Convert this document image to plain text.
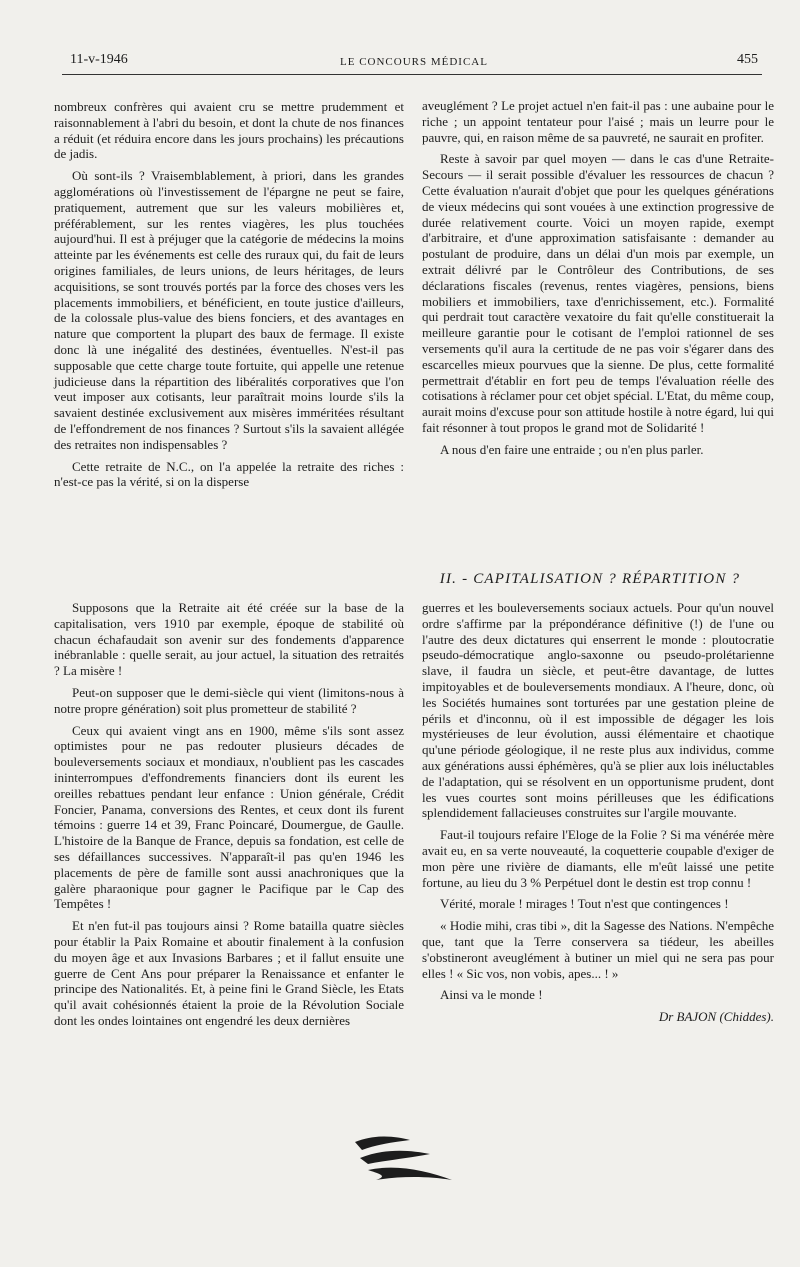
11-v-1946	LE CONCOURS MÉDICAL	455

nombreux confrères qui avaient cru se mettre prudemment et raisonnablement à l'abri du besoin, et dont la chute de nos finances a réduit (et réduira encore dans les jours prochains) les précautions de jadis.

Où sont-ils ? Vraisemblablement, à priori, dans les grandes agglomérations où l'investissement de l'épargne ne peut se faire, pratiquement, autrement que sur les valeurs mobilières et, préférablement, sur les rentes viagères, les plus touchées aujourd'hui. Il est à préjuger que la catégorie de médecins la moins atteinte par les événements est celle des ruraux qui, du fait de leurs origines familiales, de leurs unions, de leurs héritages, de leurs acquisitions, se sont trouvés portés par la force des choses vers les placements immobiliers, et bénéficient, en toute justice d'ailleurs, de la colossale plus-value des biens fonciers, et des avantages en nature que comportent la plupart des baux de fermage. Il existe donc là une inégalité des destinées, éventuelles. N'est-il pas supposable que cette charge toute fortuite, qui appelle une retenue judicieuse dans la répartition des libéralités corporatives que l'on veut imposer aux cotisants, leur paraîtrait moins lourde s'ils la savaient destinée exclusivement aux misères imméritées résultant de l'effondrement de nos finances ? Surtout s'ils la savaient allégée des retraites non indispensables ?

Cette retraite de N.C., on l'a appelée la retraite des riches : n'est-ce pas la vérité, si on la disperse

aveuglément ? Le projet actuel n'en fait-il pas : une aubaine pour le riche ; un appoint tentateur pour l'aisé ; mais un leurre pour le pauvre, qui, en raison même de sa pauvreté, ne saurait en profiter.

Reste à savoir par quel moyen — dans le cas d'une Retraite-Secours — il serait possible d'évaluer les ressources de chacun ? Cette évaluation n'aurait d'objet que pour les quelques générations de vieux médecins qui sont vouées à une extinction progressive de durée relativement courte. Voici un moyen rapide, exempt d'arbitraire, et d'une approximation satisfaisante : demander au postulant de produire, dans un délai d'un mois par exemple, un extrait délivré par le Contrôleur des Contributions, de ses déclarations fiscales (revenus, rentes viagères, pensions, biens mobiliers et immobiliers, taxe d'enrichissement, etc.). Formalité qui perdrait tout caractère vexatoire du fait qu'elle constituerait la meilleure garantie pour le cotisant de l'emploi rationnel de ses versements qu'il aura la certitude de ne pas voir s'égarer dans des escarcelles mieux pourvues que la sienne. De plus, cette formalité permettrait d'établir en fort peu de temps l'évaluation réelle des cotisations à réclamer pour cet objet spécial. L'Etat, du même coup, aurait moins d'excuse pour son attitude hostile à notre égard, lui qui fait résonner à tout propos le grand mot de Solidarité !

A nous d'en faire une entraide ; ou n'en plus parler.

II. - CAPITALISATION ? RÉPARTITION ?

Supposons que la Retraite ait été créée sur la base de la capitalisation, vers 1910 par exemple, époque de stabilité où chacun échafaudait son avenir sur des fondements d'apparence inébranlable : quelle serait, au jour actuel, la situation des retraités ? La misère !

Peut-on supposer que le demi-siècle qui vient (limitons-nous à notre propre génération) soit plus prometteur de stabilité ?

Ceux qui avaient vingt ans en 1900, même s'ils sont assez optimistes pour ne pas redouter plusieurs décades de bouleversements sociaux et mondiaux, n'oublient pas les cascades ininterrompues d'effondrements financiers dont ils eurent les oreilles rebattues pendant leur enfance : Union générale, Crédit Foncier, Panama, conversions des Rentes, et ceux dont ils furent témoins : guerre 14 et 39, Franc Poincaré, Doumergue, de Gaulle. L'histoire de la Banque de France, depuis sa fondation, est celle de ses défaillances successives. N'apparaît-il pas qu'en 1946 les placements de père de famille sont aussi anachroniques que la galère pharaonique pour gagner le Pacifique par le Cap des Tempêtes !

Et n'en fut-il pas toujours ainsi ? Rome batailla quatre siècles pour établir la Paix Romaine et aboutir finalement à la confusion du moyen âge et aux Invasions Barbares ; et il fallut ensuite une guerre de Cent Ans pour préparer la Renaissance et enfanter le principe des Nationalités. Et, à peine fini le Grand Siècle, les Etats qu'il avait cohésionnés étaient la proie de la Révolution Sociale dont les ondes lointaines ont engendré les deux dernières

guerres et les bouleversements sociaux actuels. Pour qu'un nouvel ordre s'affirme par la prépondérance définitive (!) de l'une ou l'autre des deux dictatures qui enserrent le monde : ploutocratie pseudo-démocratique anglo-saxonne ou pseudo-prolétarienne slave, il faudra un siècle, et peut-être davantage, de luttes impitoyables et de bouleversements mondiaux. A l'heure, donc, où les Sociétés humaines sont torturées par une gestation pleine de périls et d'inconnu, où il est impossible de dégager les lois mystérieuses de leur évolution, aussi élémentaire et chaotique qu'une période géologique, il ne reste plus aux individus, comme aux générations aussi éphémères, qu'à se plier aux lois inéluctables de l'adaptation, qui se résolvent en un opportunisme prudent, dont les vues courtes sont moins périlleuses que les édifications splendidement fallacieuses construites sur l'argile mouvante.

Faut-il toujours refaire l'Eloge de la Folie ? Si ma vénérée mère avait eu, en sa verte nouveauté, la coquetterie coupable d'exiger de mon père une rivière de diamants, elle m'eût laissé une petite fortune, au lieu du 3 % Perpétuel dont le destin est trop connu !

Vérité, morale ! mirages ! Tout n'est que contingences !

« Hodie mihi, cras tibi », dit la Sagesse des Nations. N'empêche que, tant que la Terre conservera sa tiédeur, les abeilles s'obstineront aveuglément à butiner un miel qui ne sera pas pour elles ! « Sic vos, non vobis, apes... ! »

Ainsi va le monde !

Dr BAJON (Chiddes).
